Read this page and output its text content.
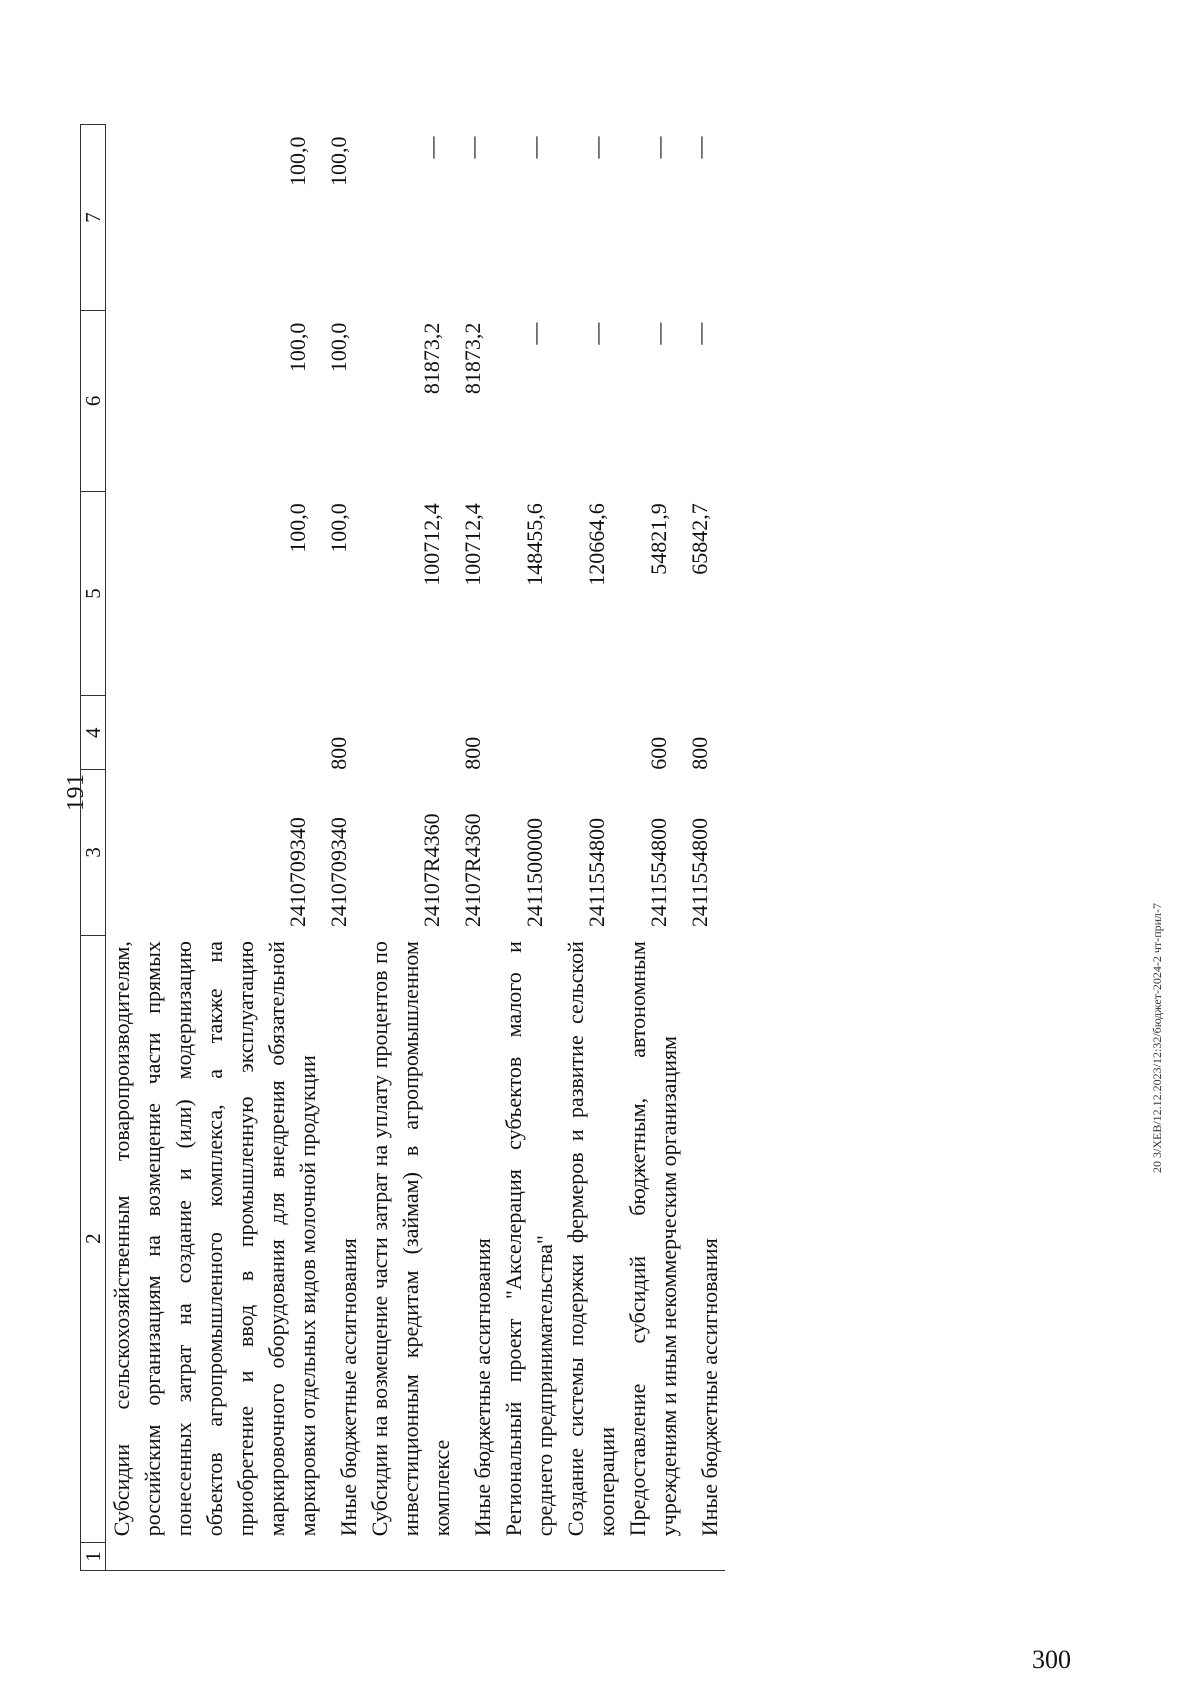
191
1	2	3	4	5	6	7
	Субсидии сельскохозяйственным товаропроизводителям, российским организациям на возмещение части прямых понесенных затрат на создание и (или) модернизацию объектов агропромышленного комплекса, а также на приобретение и ввод в промышленную эксплуатацию маркировочного оборудования для внедрения обязательной маркировки отдельных видов молочной продукции	2410709340		100,0	100,0	100,0
	Иные бюджетные ассигнования	2410709340	800	100,0	100,0	100,0
	Субсидии на возмещение части затрат на уплату процентов по инвестиционным кредитам (займам) в агропромышленном комплексе	24107R4360		100712,4	81873,2	—
	Иные бюджетные ассигнования	24107R4360	800	100712,4	81873,2	—
	Региональный проект "Акселерация субъектов малого и среднего предпринимательства"	2411500000		148455,6	—	—
	Создание системы подержки фермеров и развитие сельской кооперации	2411554800		120664,6	—	—
	Предоставление субсидий бюджетным, автономным учреждениям и иным некоммерческим организациям	2411554800	600	54821,9	—	—
	Иные бюджетные ассигнования	2411554800	800	65842,7	—	—
20 3/XEB/12.12.2023/12:32/бюджет-2024-2 чт-прил-7
300
